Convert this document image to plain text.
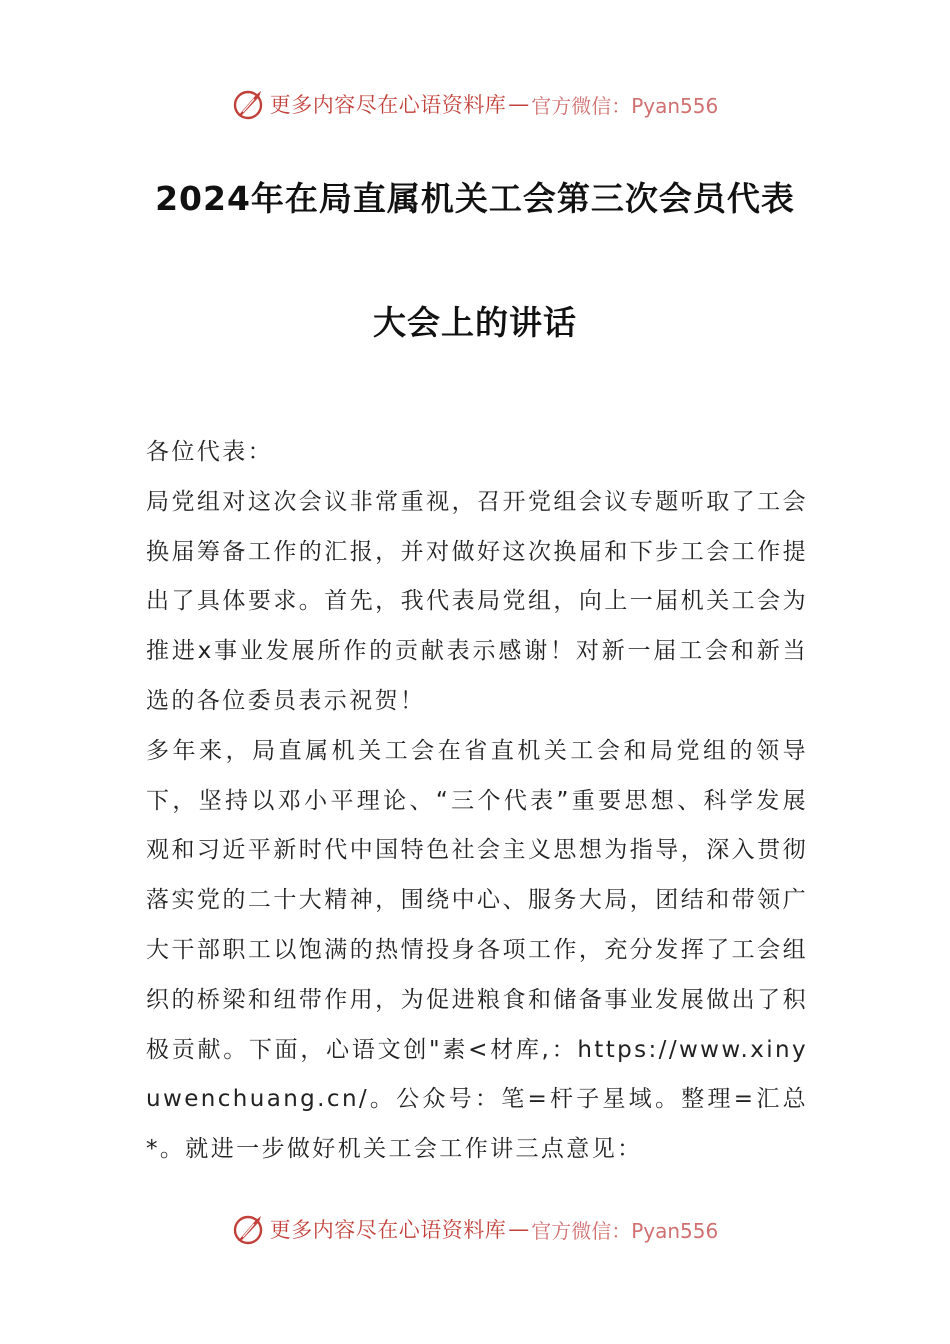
更多内容尽在心语资料库 — 官方微信：Pyan556
2024年在局直属机关工会第三次会员代表
大会上的讲话

各位代表：

局党组对这次会议非常重视，召开党组会议专题听取了工会换届筹备工作的汇报，并对做好这次换届和下步工会工作提出了具体要求。首先，我代表局党组，向上一届机关工会为推进x事业发展所作的贡献表示感谢！对新一届工会和新当选的各位委员表示祝贺！

多年来，局直属机关工会在省直机关工会和局党组的领导下，坚持以邓小平理论、“三个代表”重要思想、科学发展观和习近平新时代中国特色社会主义思想为指导，深入贯彻落实党的二十大精神，围绕中心、服务大局，团结和带领广大干部职工以饱满的热情投身各项工作，充分发挥了工会组织的桥梁和纽带作用，为促进粮食和储备事业发展做出了积极贡献。下面，心语文创"素<材库,：https://www.xinyuwenchuang.cn/。公众号：笔=杆子星域。整理=汇总*。就进一步做好机关工会工作讲三点意见：

更多内容尽在心语资料库 — 官方微信：Pyan556
